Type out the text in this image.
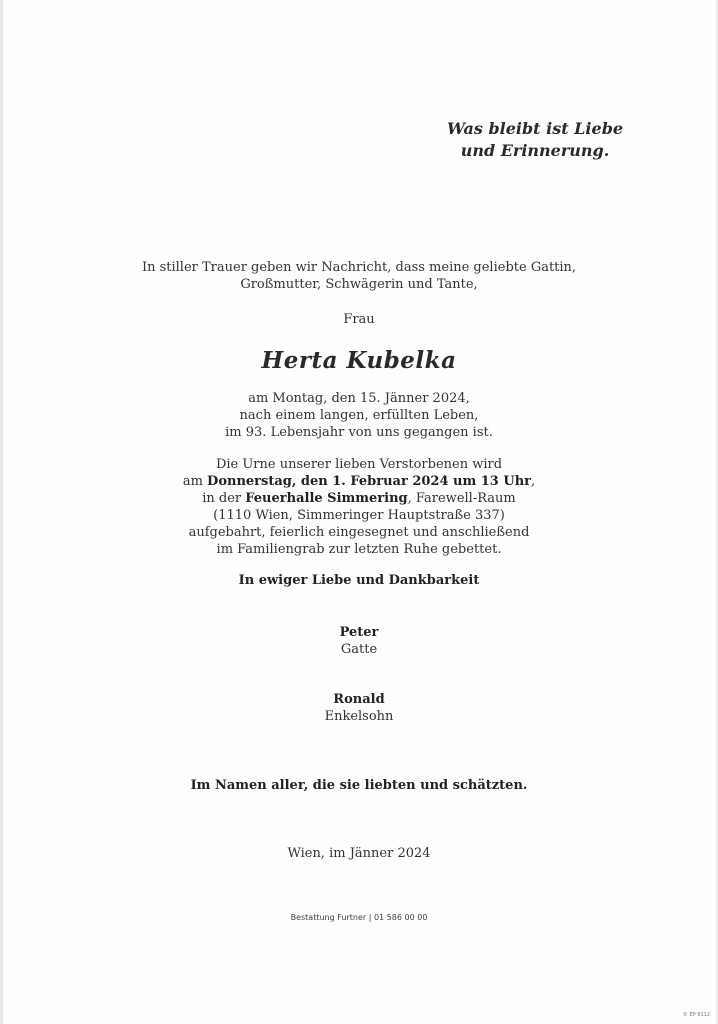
Was bleibt ist Liebe
und Erinnerung.
In stiller Trauer geben wir Nachricht, dass meine geliebte Gattin,
Großmutter, Schwägerin und Tante,
Frau
Herta Kubelka
am Montag, den 15. Jänner 2024,
nach einem langen, erfüllten Leben,
im 93. Lebensjahr von uns gegangen ist.
Die Urne unserer lieben Verstorbenen wird
am Donnerstag, den 1. Februar 2024 um 13 Uhr,
in der Feuerhalle Simmering, Farewell-Raum
(1110 Wien, Simmeringer Hauptstraße 337)
aufgebahrt, feierlich eingesegnet und anschließend
im Familiengrab zur letzten Ruhe gebettet.
In ewiger Liebe und Dankbarkeit
Peter
Gatte
Ronald
Enkelsohn
Im Namen aller, die sie liebten und schätzten.
Wien, im Jänner 2024
Bestattung Furtner | 01 586 00 00
© EP 9112
